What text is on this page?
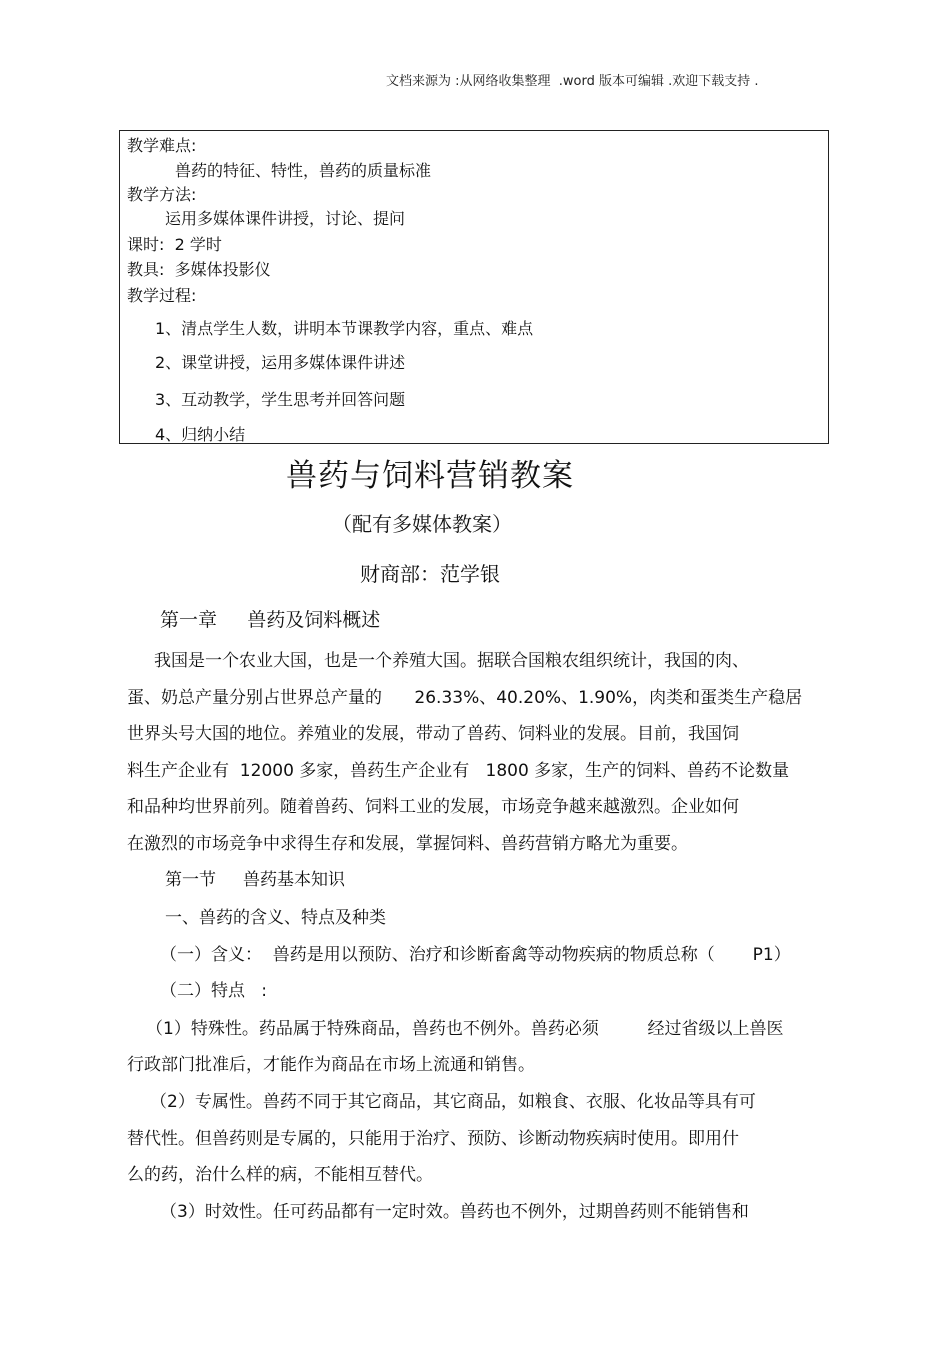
文档来源为 :从网络收集整理  .word 版本可编辑 .欢迎下载支持 .
教学难点:
兽药的特征、特性，兽药的质量标准
教学方法:
运用多媒体课件讲授，讨论、提问
课时:  2 学时
教具:  多媒体投影仪
教学过程:
1、清点学生人数，讲明本节课教学内容，重点、难点
2、课堂讲授，运用多媒体课件讲述
3、互动教学，学生思考并回答问题
4、归纳小结
兽药与饲料营销教案
（配有多媒体教案）
财商部：范学银
第一章     兽药及饲料概述
我国是一个农业大国，也是一个养殖大国。据联合国粮农组织统计，我国的肉、
蛋、奶总产量分别占世界总产量的      26.33%、40.20%、1.90%，肉类和蛋类生产稳居
世界头号大国的地位。养殖业的发展，带动了兽药、饲料业的发展。目前，我国饲
料生产企业有  12000 多家，兽药生产企业有   1800 多家，生产的饲料、兽药不论数量
和品种均世界前列。随着兽药、饲料工业的发展，市场竞争越来越激烈。企业如何
在激烈的市场竞争中求得生存和发展，掌握饲料、兽药营销方略尤为重要。
第一节     兽药基本知识
一、兽药的含义、特点及种类
（一）含义：  兽药是用以预防、治疗和诊断畜禽等动物疾病的物质总称（       P1）
（二）特点   :
（1）特殊性。药品属于特殊商品，兽药也不例外。兽药必须         经过省级以上兽医
行政部门批准后，才能作为商品在市场上流通和销售。
（2）专属性。兽药不同于其它商品，其它商品，如粮食、衣服、化妆品等具有可
替代性。但兽药则是专属的，只能用于治疗、预防、诊断动物疾病时使用。即用什
么的药，治什么样的病，不能相互替代。
（3）时效性。任可药品都有一定时效。兽药也不例外，过期兽药则不能销售和
